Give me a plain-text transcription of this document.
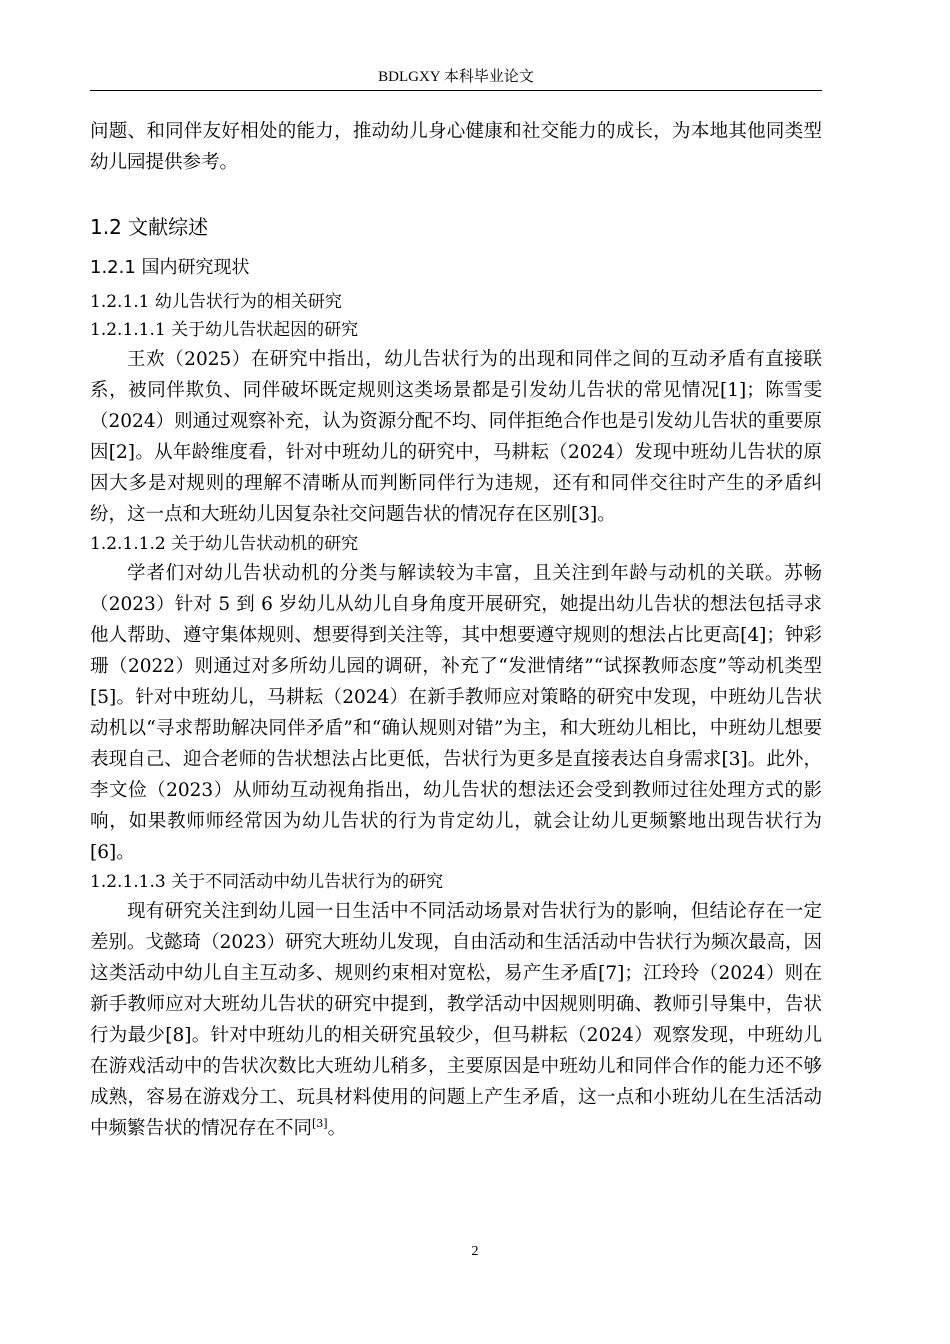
BDLGXY 本科毕业论文

问题、和同伴友好相处的能力，推动幼儿身心健康和社交能力的成长，为本地其他同类型幼儿园提供参考。

1.2 文献综述
1.2.1 国内研究现状
1.2.1.1 幼儿告状行为的相关研究
1.2.1.1.1 关于幼儿告状起因的研究

王欢（2025）在研究中指出，幼儿告状行为的出现和同伴之间的互动矛盾有直接联系，被同伴欺负、同伴破坏既定规则这类场景都是引发幼儿告状的常见情况[1]；陈雪雯（2024）则通过观察补充，认为资源分配不均、同伴拒绝合作也是引发幼儿告状的重要原因[2]。从年龄维度看，针对中班幼儿的研究中，马耕耘（2024）发现中班幼儿告状的原因大多是对规则的理解不清晰从而判断同伴行为违规，还有和同伴交往时产生的矛盾纠纷，这一点和大班幼儿因复杂社交问题告状的情况存在区别[3]。

1.2.1.1.2 关于幼儿告状动机的研究

学者们对幼儿告状动机的分类与解读较为丰富，且关注到年龄与动机的关联。苏畅（2023）针对 5 到 6 岁幼儿从幼儿自身角度开展研究，她提出幼儿告状的想法包括寻求他人帮助、遵守集体规则、想要得到关注等，其中想要遵守规则的想法占比更高[4]；钟彩珊（2022）则通过对多所幼儿园的调研，补充了“发泄情绪”“试探教师态度”等动机类型[5]。针对中班幼儿，马耕耘（2024）在新手教师应对策略的研究中发现，中班幼儿告状动机以“寻求帮助解决同伴矛盾”和“确认规则对错”为主，和大班幼儿相比，中班幼儿想要表现自己、迎合老师的告状想法占比更低，告状行为更多是直接表达自身需求[3]。此外，李文俭（2023）从师幼互动视角指出，幼儿告状的想法还会受到教师过往处理方式的影响，如果教师师经常因为幼儿告状的行为肯定幼儿，就会让幼儿更频繁地出现告状行为[6]。

1.2.1.1.3 关于不同活动中幼儿告状行为的研究

现有研究关注到幼儿园一日生活中不同活动场景对告状行为的影响，但结论存在一定差别。戈懿琦（2023）研究大班幼儿发现，自由活动和生活活动中告状行为频次最高，因这类活动中幼儿自主互动多、规则约束相对宽松，易产生矛盾[7]；江玲玲（2024）则在新手教师应对大班幼儿告状的研究中提到，教学活动中因规则明确、教师引导集中，告状行为最少[8]。针对中班幼儿的相关研究虽较少，但马耕耘（2024）观察发现，中班幼儿在游戏活动中的告状次数比大班幼儿稍多，主要原因是中班幼儿和同伴合作的能力还不够成熟，容易在游戏分工、玩具材料使用的问题上产生矛盾，这一点和小班幼儿在生活活动中频繁告状的情况存在不同[3]。

2
